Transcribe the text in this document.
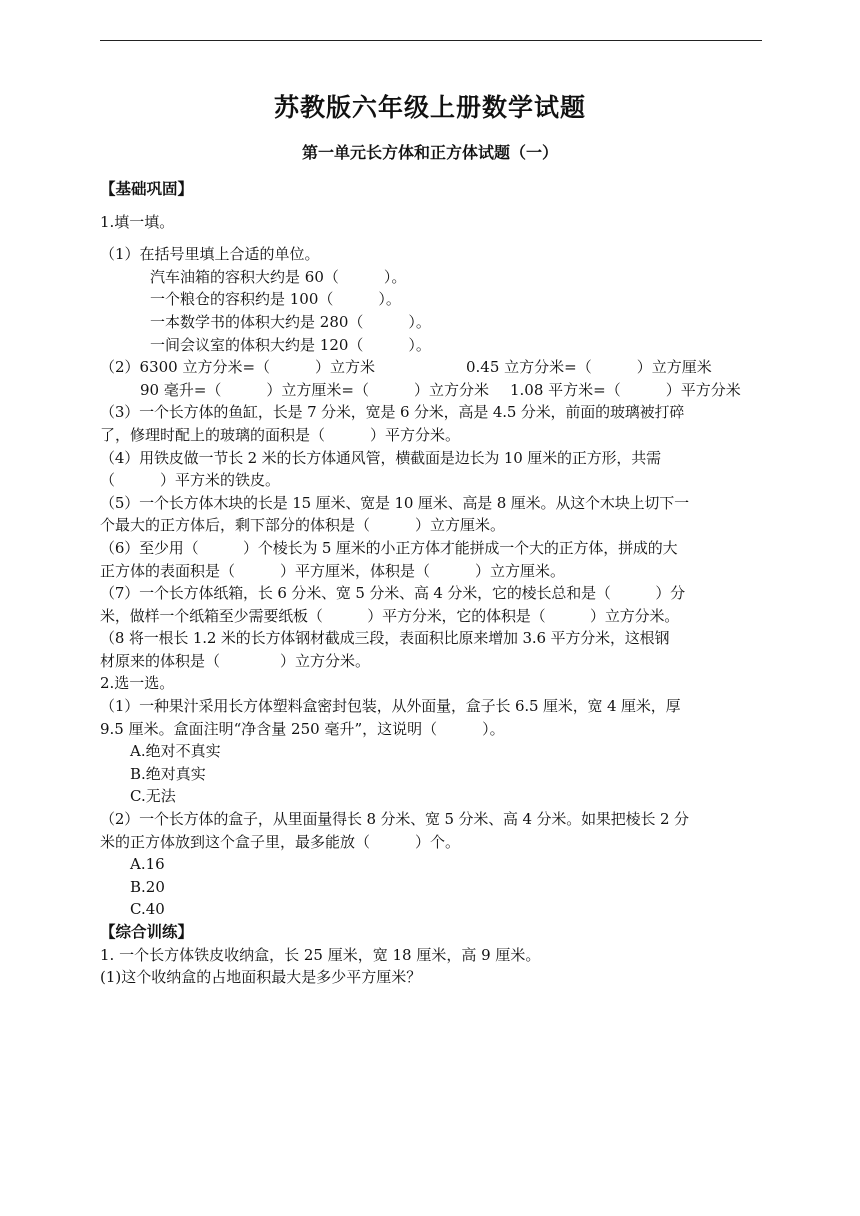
苏教版六年级上册数学试题
第一单元长方体和正方体试题（一）
【基础巩固】
1.填一填。
（1）在括号里填上合适的单位。
汽车油箱的容积大约是 60（　　　）。
一个粮仓的容积约是 100（　　　）。
一本数学书的体积大约是 280（　　　）。
一间会议室的体积大约是 120（　　　）。
（2）6300 立方分米=（　　　）立方米	0.45 立方分米=（　　　）立方厘米
90 毫升=（　　　）立方厘米=（　　　）立方分米 1.08 平方米=（　　　）平方分米
（3）一个长方体的鱼缸，长是 7 分米，宽是 6 分米，高是 4.5 分米，前面的玻璃被打碎
了，修理时配上的玻璃的面积是（　　　）平方分米。
（4）用铁皮做一节长 2 米的长方体通风管，横截面是边长为 10 厘米的正方形，共需
（　　　）平方米的铁皮。
（5）一个长方体木块的长是 15 厘米、宽是 10 厘米、高是 8 厘米。从这个木块上切下一
个最大的正方体后，剩下部分的体积是（　　　）立方厘米。
（6）至少用（　　　）个棱长为 5 厘米的小正方体才能拼成一个大的正方体，拼成的大
正方体的表面积是（　　　）平方厘米，体积是（　　　）立方厘米。
（7）一个长方体纸箱，长 6 分米、宽 5 分米、高 4 分米，它的棱长总和是（　　　）分
米，做样一个纸箱至少需要纸板（　　　）平方分米，它的体积是（　　　）立方分米。
（8 将一根长 1.2 米的长方体钢材截成三段，表面积比原来增加 3.6 平方分米，这根钢
材原来的体积是（　　　　）立方分米。
2.选一选。
（1）一种果汁采用长方体塑料盒密封包装，从外面量，盒子长 6.5 厘米，宽 4 厘米，厚
9.5 厘米。盒面注明“净含量 250 毫升”，这说明（　　　）。
A.绝对不真实
B.绝对真实
C.无法
（2）一个长方体的盒子，从里面量得长 8 分米、宽 5 分米、高 4 分米。如果把棱长 2 分
米的正方体放到这个盒子里，最多能放（　　　）个。
A.16
B.20
C.40
【综合训练】
1. 一个长方体铁皮收纳盒，长 25 厘米，宽 18 厘米，高 9 厘米。
(1)这个收纳盒的占地面积最大是多少平方厘米？
